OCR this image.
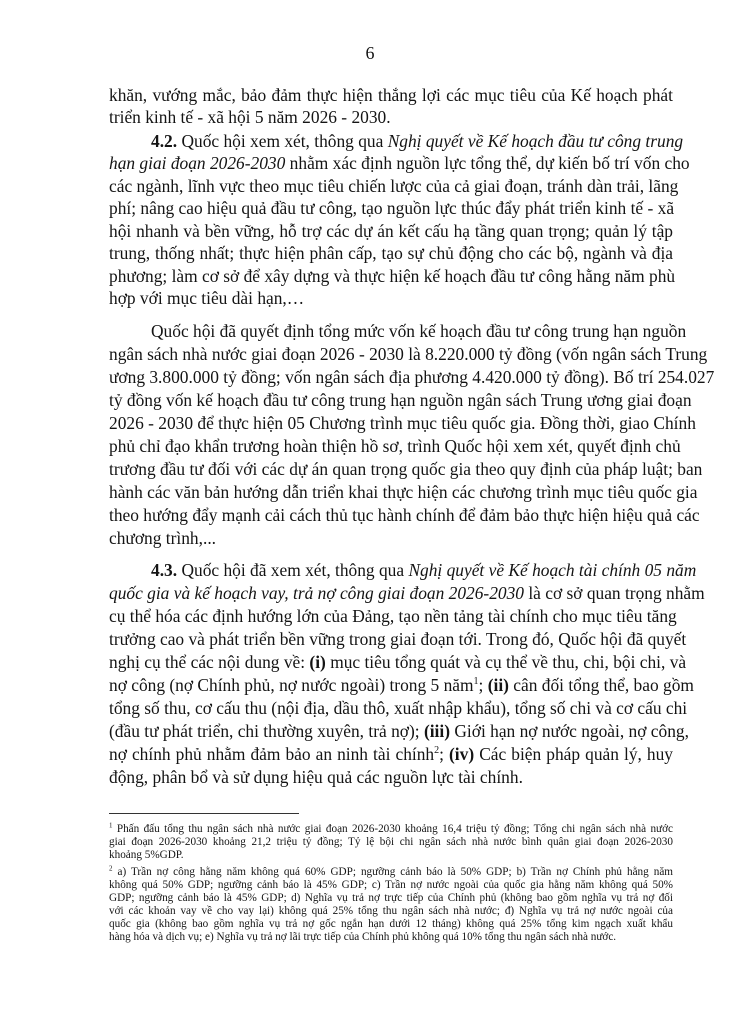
6
khăn, vướng mắc, bảo đảm thực hiện thắng lợi các mục tiêu của Kế hoạch phát
triển kinh tế - xã hội 5 năm 2026 - 2030.
4.2. Quốc hội xem xét, thông qua Nghị quyết về Kế hoạch đầu tư công trung
hạn giai đoạn 2026-2030 nhằm xác định nguồn lực tổng thể, dự kiến bố trí vốn cho
các ngành, lĩnh vực theo mục tiêu chiến lược của cả giai đoạn, tránh dàn trải, lãng
phí; nâng cao hiệu quả đầu tư công, tạo nguồn lực thúc đẩy phát triển kinh tế - xã
hội nhanh và bền vững, hỗ trợ các dự án kết cấu hạ tầng quan trọng; quản lý tập
trung, thống nhất; thực hiện phân cấp, tạo sự chủ động cho các bộ, ngành và địa
phương; làm cơ sở để xây dựng và thực hiện kế hoạch đầu tư công hằng năm phù
hợp với mục tiêu dài hạn,…
Quốc hội đã quyết định tổng mức vốn kế hoạch đầu tư công trung hạn nguồn
ngân sách nhà nước giai đoạn 2026 - 2030 là 8.220.000 tỷ đồng (vốn ngân sách Trung
ương 3.800.000 tỷ đồng; vốn ngân sách địa phương 4.420.000 tỷ đồng). Bố trí 254.027
tỷ đồng vốn kế hoạch đầu tư công trung hạn nguồn ngân sách Trung ương giai đoạn
2026 - 2030 để thực hiện 05 Chương trình mục tiêu quốc gia. Đồng thời, giao Chính
phủ chỉ đạo khẩn trương hoàn thiện hồ sơ, trình Quốc hội xem xét, quyết định chủ
trương đầu tư đối với các dự án quan trọng quốc gia theo quy định của pháp luật; ban
hành các văn bản hướng dẫn triển khai thực hiện các chương trình mục tiêu quốc gia
theo hướng đẩy mạnh cải cách thủ tục hành chính để đảm bảo thực hiện hiệu quả các
chương trình,...
4.3. Quốc hội đã xem xét, thông qua Nghị quyết về Kế hoạch tài chính 05 năm
quốc gia và kế hoạch vay, trả nợ công giai đoạn 2026-2030 là cơ sở quan trọng nhằm
cụ thể hóa các định hướng lớn của Đảng, tạo nền tảng tài chính cho mục tiêu tăng
trưởng cao và phát triển bền vững trong giai đoạn tới. Trong đó, Quốc hội đã quyết
nghị cụ thể các nội dung về: (i) mục tiêu tổng quát và cụ thể về thu, chi, bội chi, và
nợ công (nợ Chính phủ, nợ nước ngoài) trong 5 năm$^1$; (ii) cân đối tổng thể, bao gồm
tổng số thu, cơ cấu thu (nội địa, dầu thô, xuất nhập khẩu), tổng số chi và cơ cấu chi
(đầu tư phát triển, chi thường xuyên, trả nợ); (iii) Giới hạn nợ nước ngoài, nợ công,
nợ chính phủ nhằm đảm bảo an ninh tài chính$^2$; (iv) Các biện pháp quản lý, huy
động, phân bổ và sử dụng hiệu quả các nguồn lực tài chính.
$^1$ Phấn đấu tổng thu ngân sách nhà nước giai đoạn 2026-2030 khoảng 16,4 triệu tỷ đồng; Tổng chi ngân sách nhà nước
giai đoạn 2026-2030 khoảng 21,2 triệu tỷ đồng; Tỷ lệ bội chi ngân sách nhà nước bình quân giai đoạn 2026-2030
khoảng 5%GDP.
$^2$ a) Trần nợ công hằng năm không quá 60% GDP; ngưỡng cảnh báo là 50% GDP; b) Trần nợ Chính phủ hằng năm
không quá 50% GDP; ngưỡng cảnh báo là 45% GDP; c) Trần nợ nước ngoài của quốc gia hằng năm không quá 50%
GDP; ngưỡng cảnh báo là 45% GDP; d) Nghĩa vụ trả nợ trực tiếp của Chính phủ (không bao gồm nghĩa vụ trả nợ đối
với các khoản vay về cho vay lại) không quá 25% tổng thu ngân sách nhà nước; đ) Nghĩa vụ trả nợ nước ngoài của
quốc gia (không bao gồm nghĩa vụ trả nợ gốc ngắn hạn dưới 12 tháng) không quá 25% tổng kim ngạch xuất khẩu
hàng hóa và dịch vụ; e) Nghĩa vụ trả nợ lãi trực tiếp của Chính phủ không quá 10% tổng thu ngân sách nhà nước.
